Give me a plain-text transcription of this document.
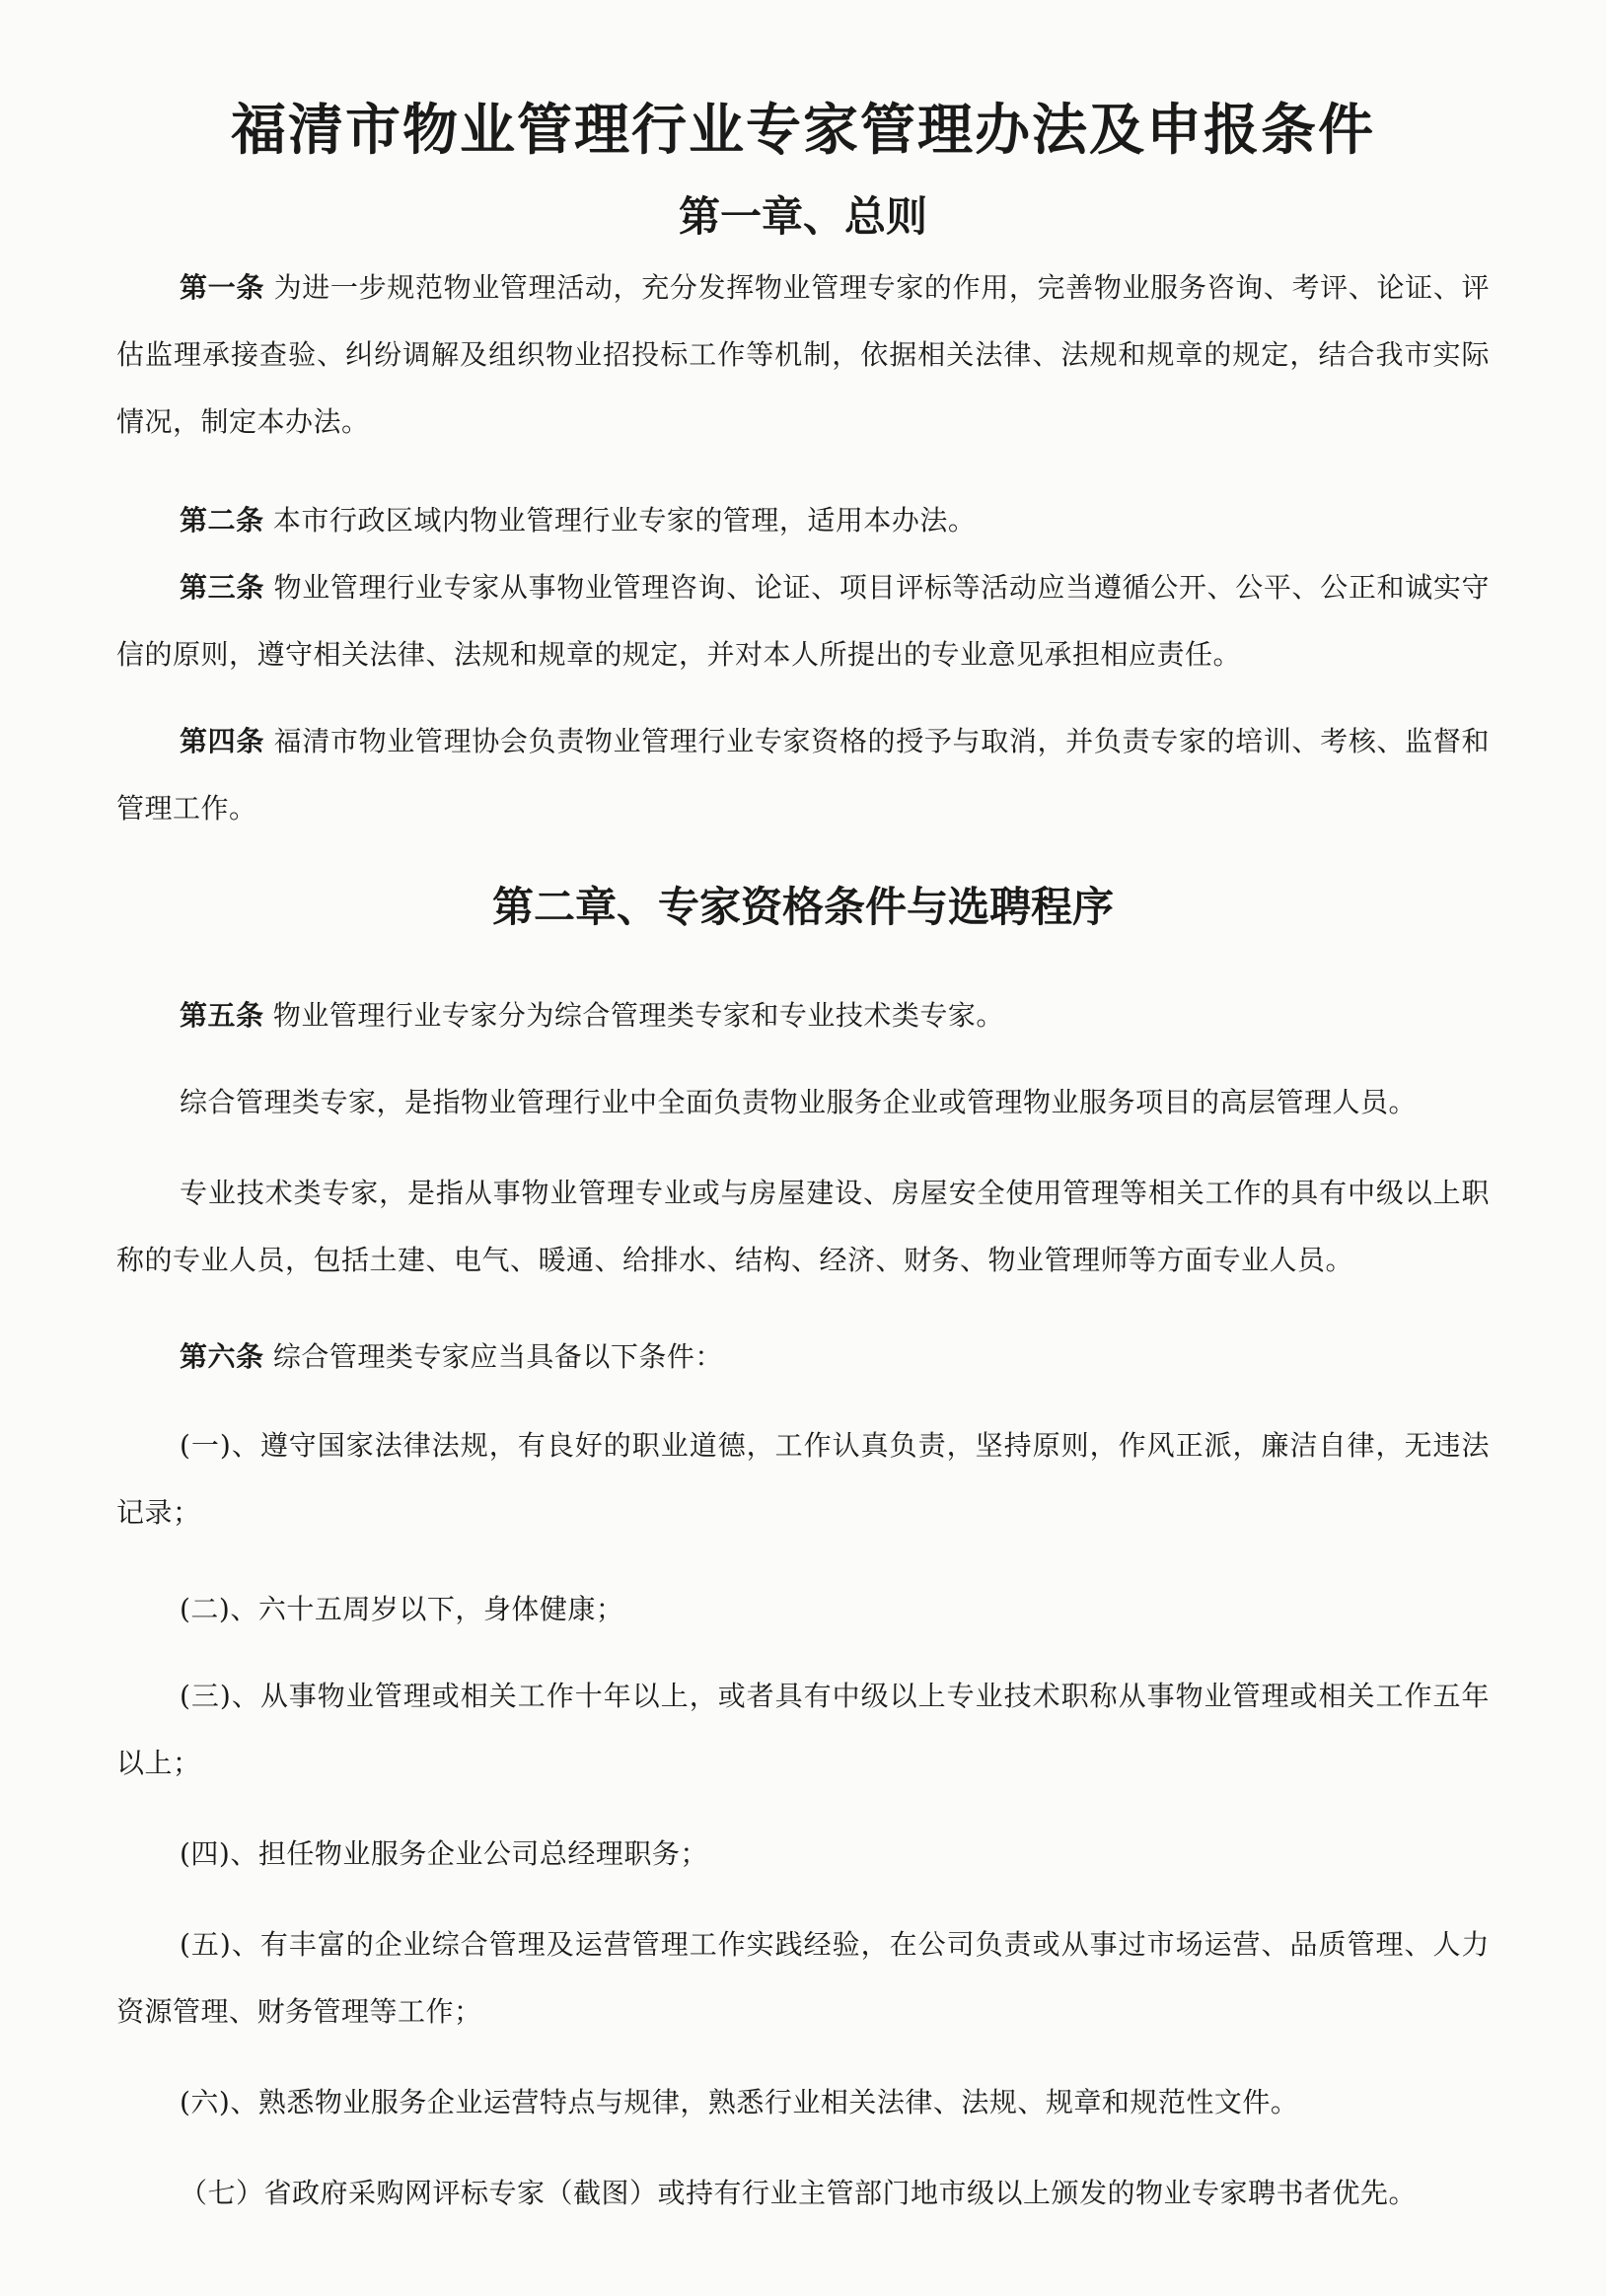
福清市物业管理行业专家管理办法及申报条件
第一章、总则
第一条 为进一步规范物业管理活动，充分发挥物业管理专家的作用，完善物业服务咨询、考评、论证、评估监理承接查验、纠纷调解及组织物业招投标工作等机制，依据相关法律、法规和规章的规定，结合我市实际情况，制定本办法。
第二条 本市行政区域内物业管理行业专家的管理，适用本办法。
第三条 物业管理行业专家从事物业管理咨询、论证、项目评标等活动应当遵循公开、公平、公正和诚实守信的原则，遵守相关法律、法规和规章的规定，并对本人所提出的专业意见承担相应责任。
第四条 福清市物业管理协会负责物业管理行业专家资格的授予与取消，并负责专家的培训、考核、监督和管理工作。
第二章、专家资格条件与选聘程序
第五条 物业管理行业专家分为综合管理类专家和专业技术类专家。
综合管理类专家，是指物业管理行业中全面负责物业服务企业或管理物业服务项目的高层管理人员。
专业技术类专家，是指从事物业管理专业或与房屋建设、房屋安全使用管理等相关工作的具有中级以上职称的专业人员，包括土建、电气、暖通、给排水、结构、经济、财务、物业管理师等方面专业人员。
第六条 综合管理类专家应当具备以下条件：
(一)、遵守国家法律法规，有良好的职业道德，工作认真负责，坚持原则，作风正派，廉洁自律，无违法记录；
(二)、六十五周岁以下，身体健康；
(三)、从事物业管理或相关工作十年以上，或者具有中级以上专业技术职称从事物业管理或相关工作五年以上；
(四)、担任物业服务企业公司总经理职务；
(五)、有丰富的企业综合管理及运营管理工作实践经验，在公司负责或从事过市场运营、品质管理、人力资源管理、财务管理等工作；
(六)、熟悉物业服务企业运营特点与规律，熟悉行业相关法律、法规、规章和规范性文件。
（七）省政府采购网评标专家（截图）或持有行业主管部门地市级以上颁发的物业专家聘书者优先。
